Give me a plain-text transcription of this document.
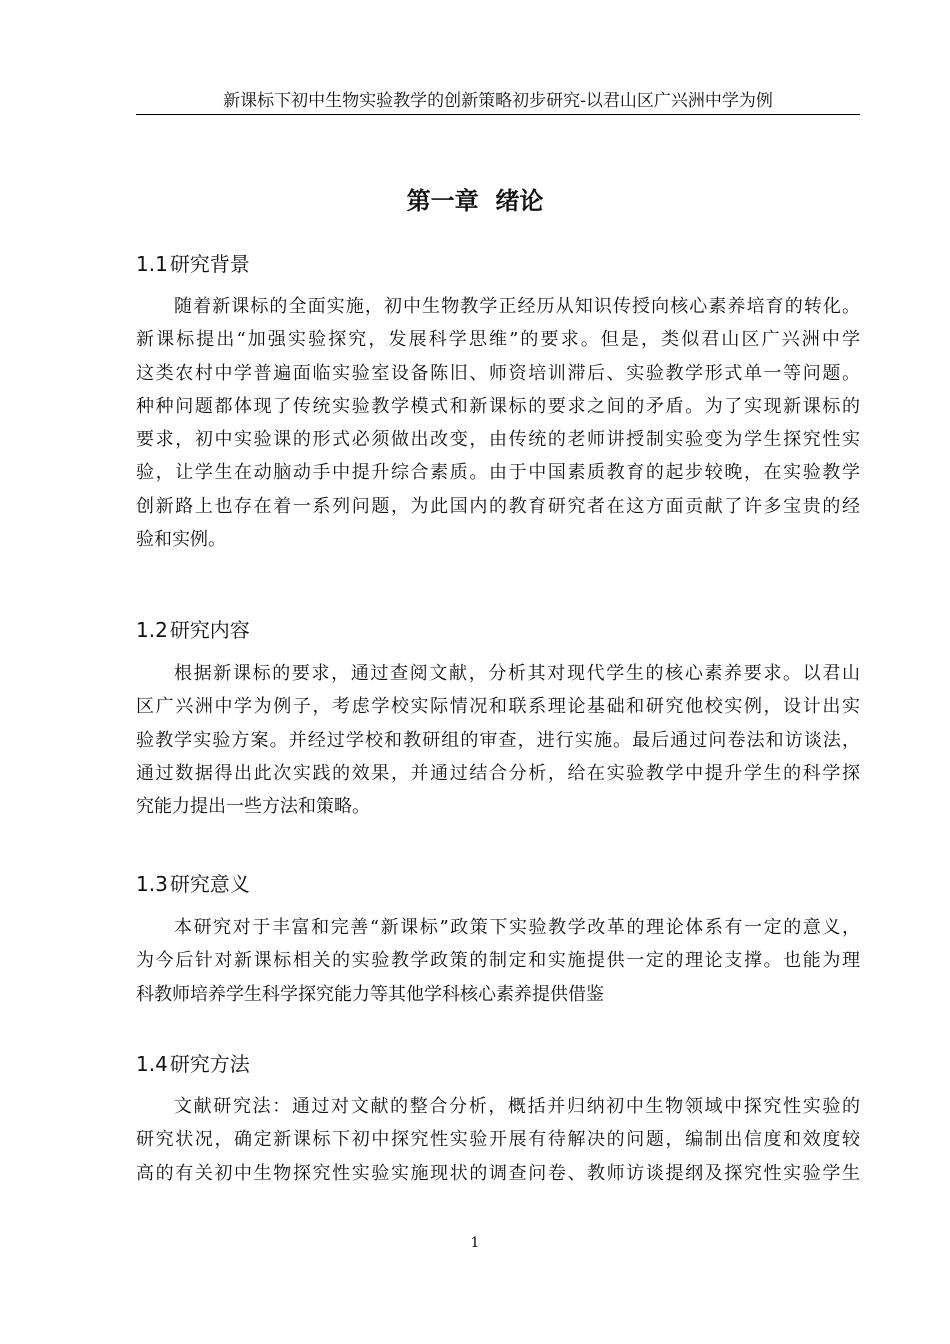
新课标下初中生物实验教学的创新策略初步研究-以君山区广兴洲中学为例
第一章  绪论
1.1 研究背景
随着新课标的全面实施，初中生物教学正经历从知识传授向核心素养培育的转化。
新课标提出“加强实验探究，发展科学思维”的要求。但是，类似君山区广兴洲中学
这类农村中学普遍面临实验室设备陈旧、师资培训滞后、实验教学形式单一等问题。
种种问题都体现了传统实验教学模式和新课标的要求之间的矛盾。为了实现新课标的
要求，初中实验课的形式必须做出改变，由传统的老师讲授制实验变为学生探究性实
验，让学生在动脑动手中提升综合素质。由于中国素质教育的起步较晚，在实验教学
创新路上也存在着一系列问题，为此国内的教育研究者在这方面贡献了许多宝贵的经
验和实例。
1.2 研究内容
根据新课标的要求，通过查阅文献，分析其对现代学生的核心素养要求。以君山
区广兴洲中学为例子，考虑学校实际情况和联系理论基础和研究他校实例，设计出实
验教学实验方案。并经过学校和教研组的审查，进行实施。最后通过问卷法和访谈法，
通过数据得出此次实践的效果，并通过结合分析，给在实验教学中提升学生的科学探
究能力提出一些方法和策略。
1.3 研究意义
本研究对于丰富和完善“新课标”政策下实验教学改革的理论体系有一定的意义，
为今后针对新课标相关的实验教学政策的制定和实施提供一定的理论支撑。也能为理
科教师培养学生科学探究能力等其他学科核心素养提供借鉴
1.4 研究方法
文献研究法：通过对文献的整合分析，概括并归纳初中生物领域中探究性实验的
研究状况，确定新课标下初中探究性实验开展有待解决的问题，编制出信度和效度较
高的有关初中生物探究性实验实施现状的调查问卷、教师访谈提纲及探究性实验学生
1
